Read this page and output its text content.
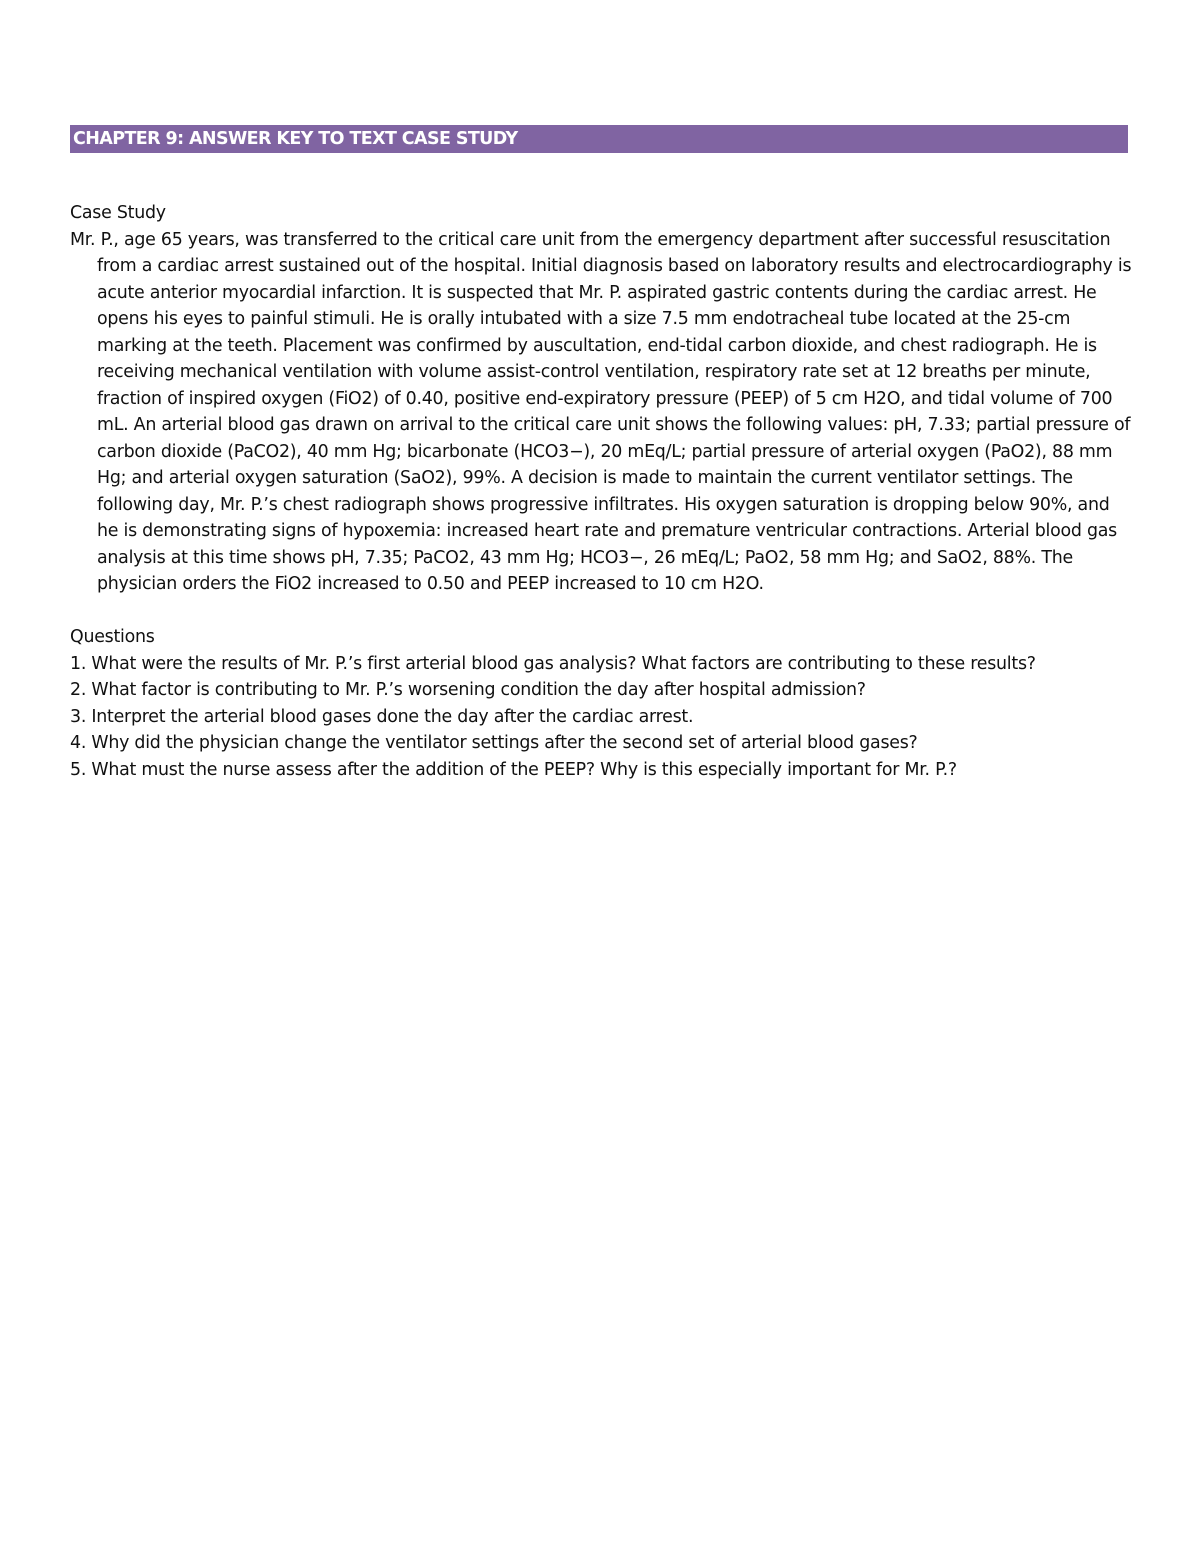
CHAPTER 9: ANSWER KEY TO TEXT CASE STUDY

Case Study

Mr. P., age 65 years, was transferred to the critical care unit from the emergency department after successful resuscitation from a cardiac arrest sustained out of the hospital. Initial diagnosis based on laboratory results and electrocardiography is acute anterior myocardial infarction. It is suspected that Mr. P. aspirated gastric contents during the cardiac arrest. He opens his eyes to painful stimuli. He is orally intubated with a size 7.5 mm endotracheal tube located at the 25-cm marking at the teeth. Placement was confirmed by auscultation, end-tidal carbon dioxide, and chest radiograph. He is receiving mechanical ventilation with volume assist-control ventilation, respiratory rate set at 12 breaths per minute, fraction of inspired oxygen (FiO2) of 0.40, positive end-expiratory pressure (PEEP) of 5 cm H2O, and tidal volume of 700 mL. An arterial blood gas drawn on arrival to the critical care unit shows the following values: pH, 7.33; partial pressure of carbon dioxide (PaCO2), 40 mm Hg; bicarbonate (HCO3−), 20 mEq/L; partial pressure of arterial oxygen (PaO2), 88 mm Hg; and arterial oxygen saturation (SaO2), 99%. A decision is made to maintain the current ventilator settings. The following day, Mr. P.’s chest radiograph shows progressive infiltrates. His oxygen saturation is dropping below 90%, and he is demonstrating signs of hypoxemia: increased heart rate and premature ventricular contractions. Arterial blood gas analysis at this time shows pH, 7.35; PaCO2, 43 mm Hg; HCO3−, 26 mEq/L; PaO2, 58 mm Hg; and SaO2, 88%. The physician orders the FiO2 increased to 0.50 and PEEP increased to 10 cm H2O.

Questions

1. What were the results of Mr. P.’s first arterial blood gas analysis? What factors are contributing to these results?
2. What factor is contributing to Mr. P.’s worsening condition the day after hospital admission?
3. Interpret the arterial blood gases done the day after the cardiac arrest.
4. Why did the physician change the ventilator settings after the second set of arterial blood gases?
5. What must the nurse assess after the addition of the PEEP? Why is this especially important for Mr. P.?
